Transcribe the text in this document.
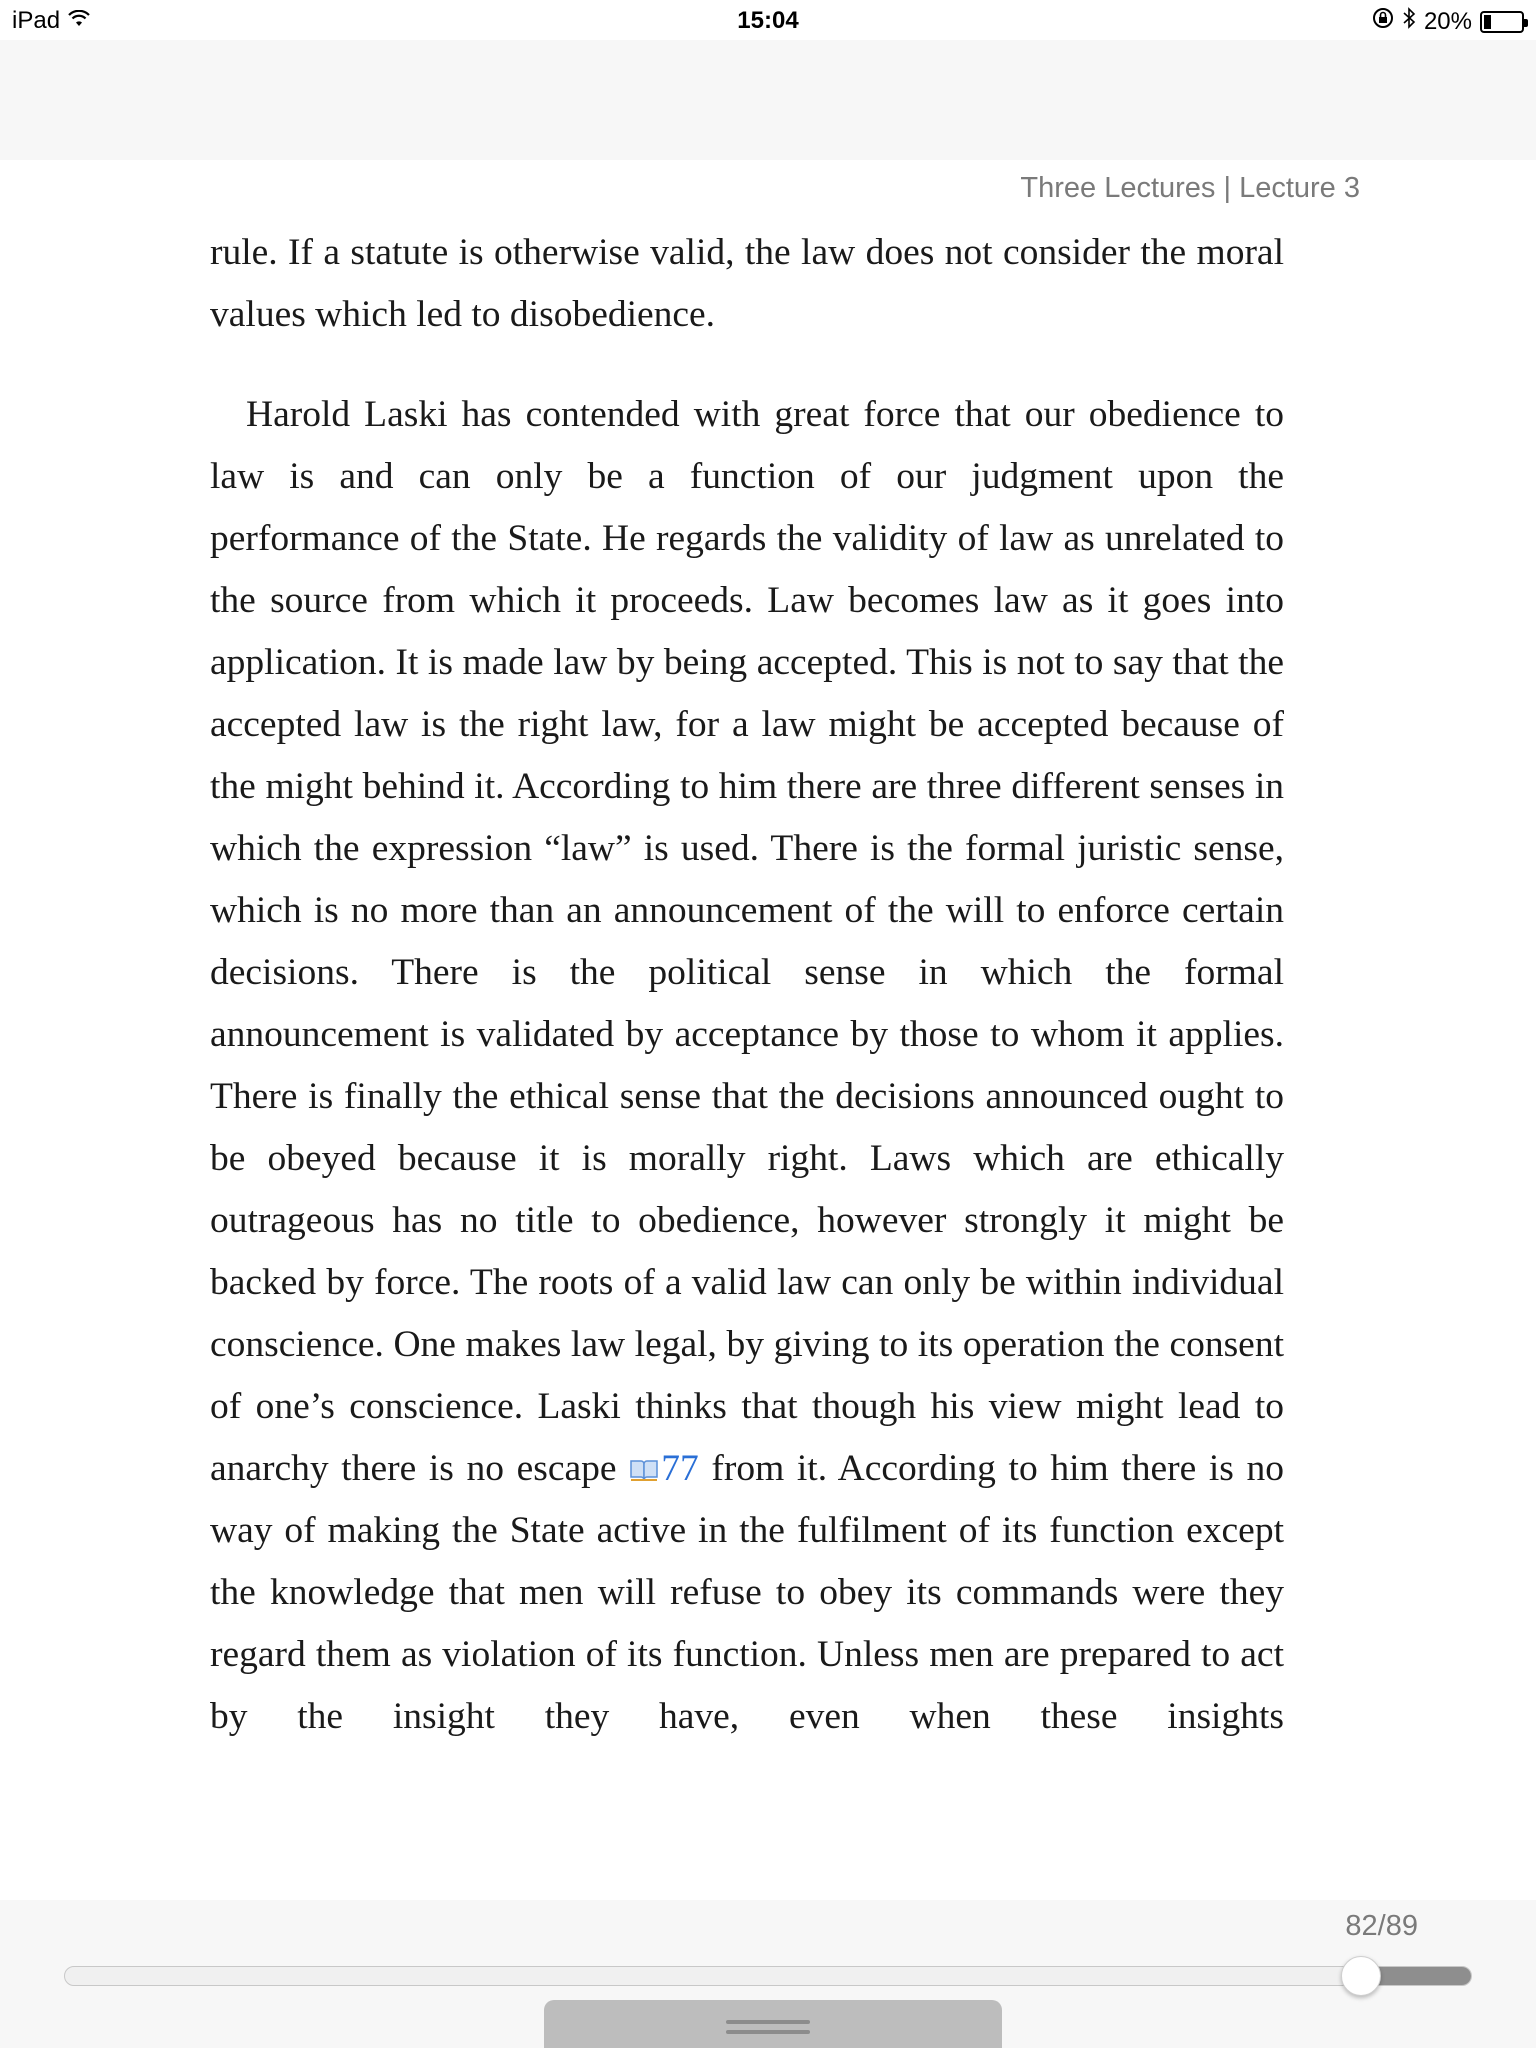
iPad	15:04	20%
Three Lectures | Lecture 3

rule. If a statute is otherwise valid, the law does not consider the moral values which led to disobedience.

Harold Laski has contended with great force that our obedience to law is and can only be a function of our judgment upon the performance of the State. He regards the validity of law as unrelated to the source from which it proceeds. Law becomes law as it goes into application. It is made law by being accepted. This is not to say that the accepted law is the right law, for a law might be accepted because of the might behind it. According to him there are three different senses in which the expression “law” is used. There is the formal juristic sense, which is no more than an announcement of the will to enforce certain decisions. There is the political sense in which the formal announcement is validated by acceptance by those to whom it applies. There is finally the ethical sense that the decisions announced ought to be obeyed because it is morally right. Laws which are ethically outrageous has no title to obedience, however strongly it might be backed by force. The roots of a valid law can only be within individual conscience. One makes law legal, by giving to its operation the consent of one’s conscience. Laski thinks that though his view might lead to anarchy there is no escape 77 from it. According to him there is no way of making the State active in the fulfilment of its function except the knowledge that men will refuse to obey its commands were they regard them as violation of its function. Unless men are prepared to act by the insight they have, even when these insights

82/89
